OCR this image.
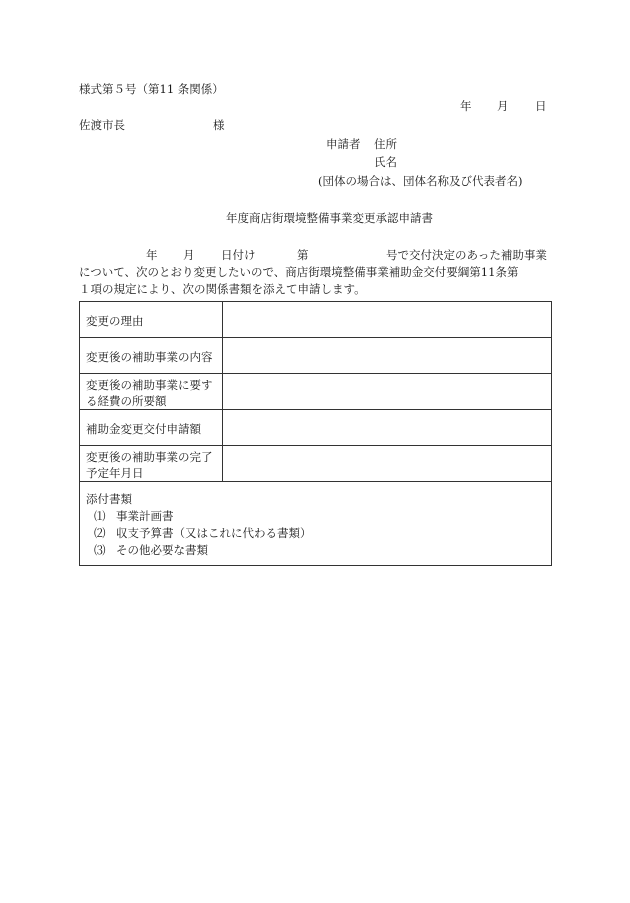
様式第５号（第11 条関係）
年 月 日
佐渡市長	様
申請者 住所
氏名
(団体の場合は、団体名称及び代表者名)
年度商店街環境整備事業変更承認申請書
年 月 日付け	第	号で交付決定のあった補助事業
について、次のとおり変更したいので、商店街環境整備事業補助金交付要綱第11条第
１項の規定により、次の関係書類を添えて申請します。
変更の理由
変更後の補助事業の内容
変更後の補助事業に要する経費の所要額
補助金変更交付申請額
変更後の補助事業の完了予定年月日
添付書類
⑴ 事業計画書
⑵ 収支予算書（又はこれに代わる書類）
⑶ その他必要な書類
